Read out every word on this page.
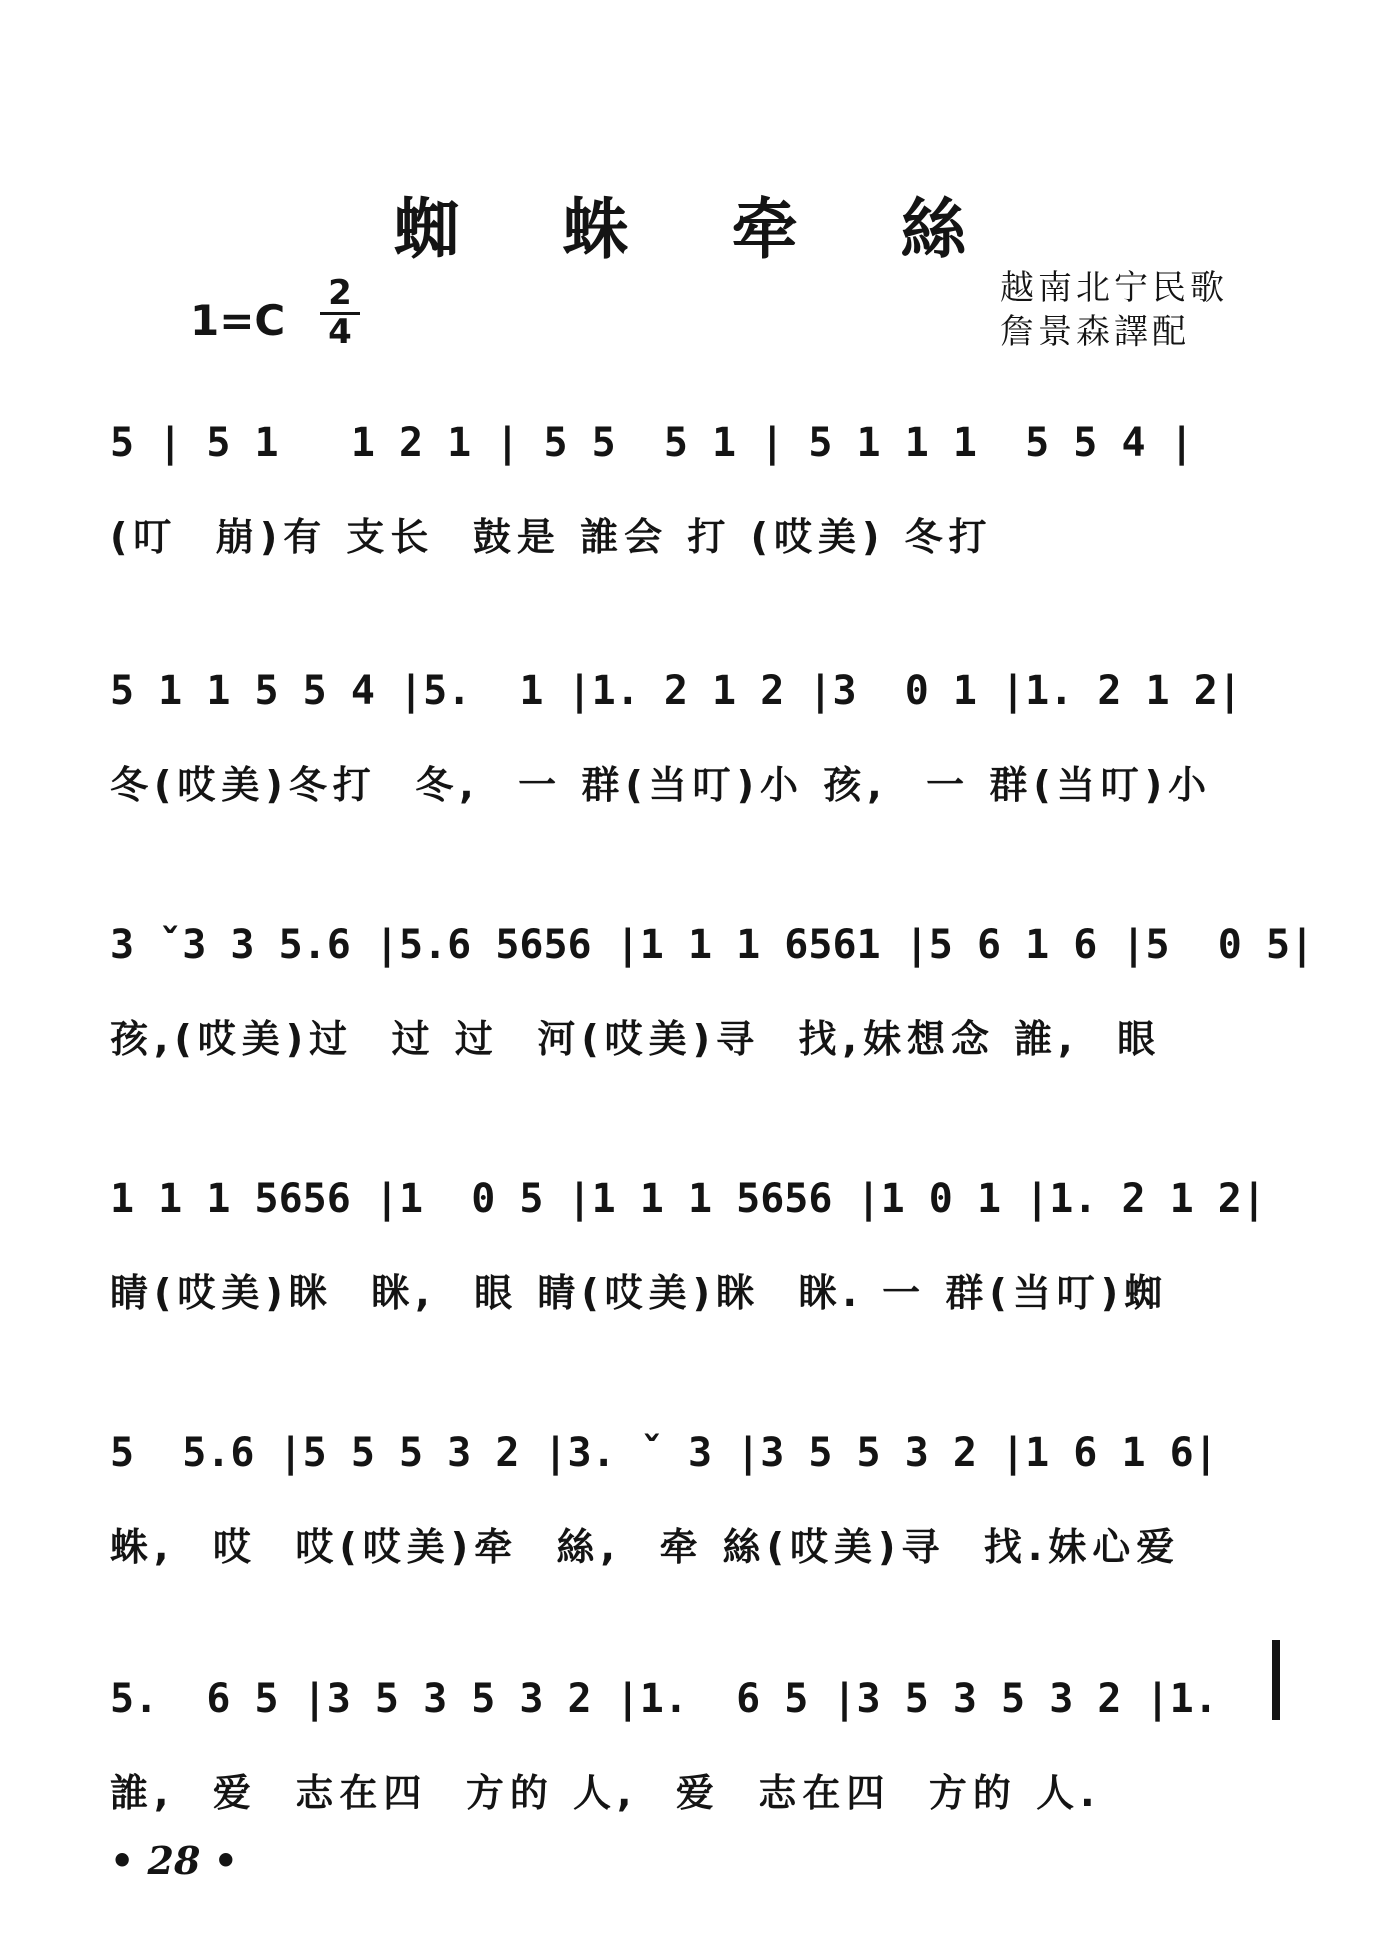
蜘 蛛 牵 絲
1=C
2
4
越南北宁民歌
詹景森譯配
5 | 5 1   1 2 1 | 5 5  5 1 | 5 1 1 1  5 5 4 |
(叮  崩)有 支长  鼓是 誰会 打 (哎美) 冬打
5 1 1 5 5 4 |5.  1 |1. 2 1 2 |3  0 1 |1. 2 1 2|
冬(哎美)冬打  冬,  一 群(当叮)小 孩,  一 群(当叮)小
3 ˇ3 3 5.6 |5.6 5656 |1 1 1 6561 |5 6 1 6 |5  0 5|
孩,(哎美)过  过 过  河(哎美)寻  找,妹想念 誰,  眼
1 1 1 5656 |1  0 5 |1 1 1 5656 |1 0 1 |1. 2 1 2|
睛(哎美)眯  眯,  眼 睛(哎美)眯  眯. 一 群(当叮)蜘
5  5.6 |5 5 5 3 2 |3. ˇ 3 |3 5 5 3 2 |1 6 1 6|
蛛,  哎  哎(哎美)牵  絲,  牵 絲(哎美)寻  找.妹心爱
5.  6 5 |3 5 3 5 3 2 |1.  6 5 |3 5 3 5 3 2 |1.
誰,  爱  志在四  方的 人,  爱  志在四  方的 人.
• 28 •
